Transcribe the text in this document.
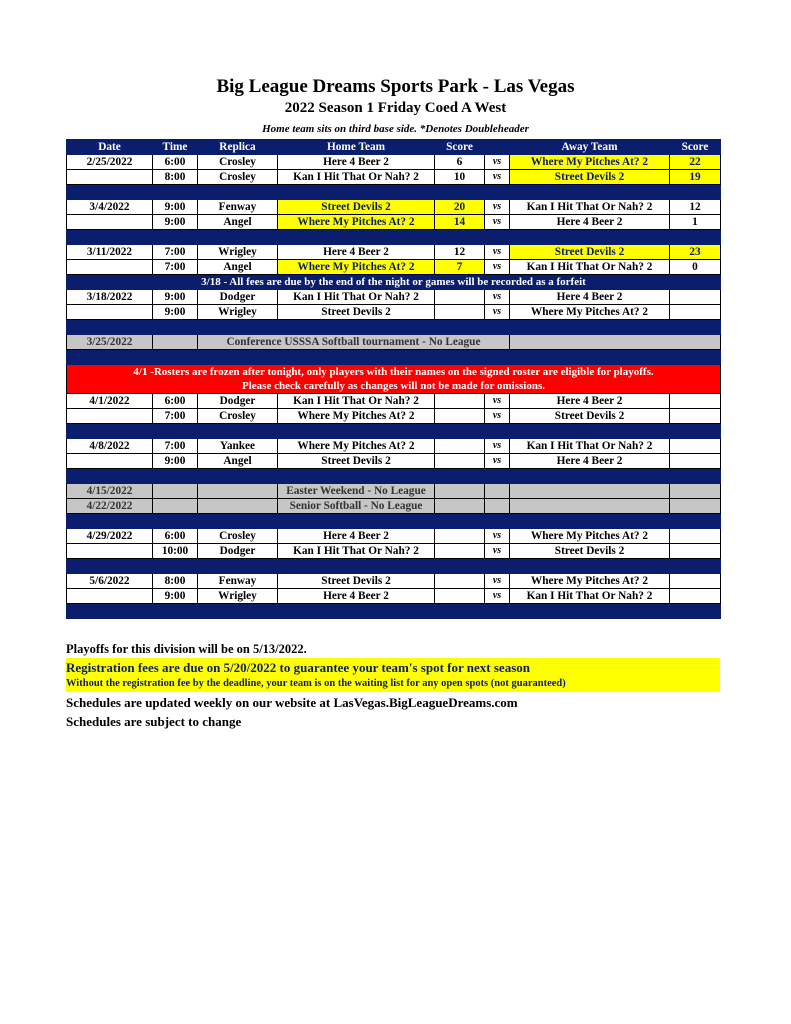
Big League Dreams Sports Park - Las Vegas
2022 Season 1 Friday Coed A West
Home team sits on third base side. *Denotes Doubleheader
Date	Time	Replica	Home Team	Score		Away Team	Score
2/25/2022	6:00	Crosley	Here 4 Beer 2	6	vs	Where My Pitches At? 2	22
	8:00	Crosley	Kan I Hit That Or Nah? 2	10	vs	Street Devils 2	19

3/4/2022	9:00	Fenway	Street Devils 2	20	vs	Kan I Hit That Or Nah? 2	12
	9:00	Angel	Where My Pitches At? 2	14	vs	Here 4 Beer 2	1

3/11/2022	7:00	Wrigley	Here 4 Beer 2	12	vs	Street Devils 2	23
	7:00	Angel	Where My Pitches At? 2	7	vs	Kan I Hit That Or Nah? 2	0
3/18 - All fees are due by the end of the night or games will be recorded as a forfeit							
3/18/2022	9:00	Dodger	Kan I Hit That Or Nah? 2		vs	Here 4 Beer 2	
	9:00	Wrigley	Street Devils 2		vs	Where My Pitches At? 2	

3/25/2022		Conference USSSA Softball tournament - No League					

4/1 -Rosters are frozen after tonight, only players with their names on the signed roster are eligible for playoffs.
Please check carefully as changes will not be made for omissions.							

4/1/2022	6:00	Dodger	Kan I Hit That Or Nah? 2		vs	Here 4 Beer 2	
	7:00	Crosley	Where My Pitches At? 2		vs	Street Devils 2	

4/8/2022	7:00	Yankee	Where My Pitches At? 2		vs	Kan I Hit That Or Nah? 2	
	9:00	Angel	Street Devils 2		vs	Here 4 Beer 2	

4/15/2022			Easter Weekend - No League				
4/22/2022			Senior Softball - No League				

4/29/2022	6:00	Crosley	Here 4 Beer 2		vs	Where My Pitches At? 2	
	10:00	Dodger	Kan I Hit That Or Nah? 2		vs	Street Devils 2	

5/6/2022	8:00	Fenway	Street Devils 2		vs	Where My Pitches At? 2	
	9:00	Wrigley	Here 4 Beer 2		vs	Kan I Hit That Or Nah? 2	

Playoffs for this division will be on 5/13/2022.
Registration fees are due on 5/20/2022 to guarantee your team's spot for next season
Without the registration fee by the deadline, your team is on the waiting list for any open spots (not guaranteed)
Schedules are updated weekly on our website at LasVegas.BigLeagueDreams.com
Schedules are subject to change
